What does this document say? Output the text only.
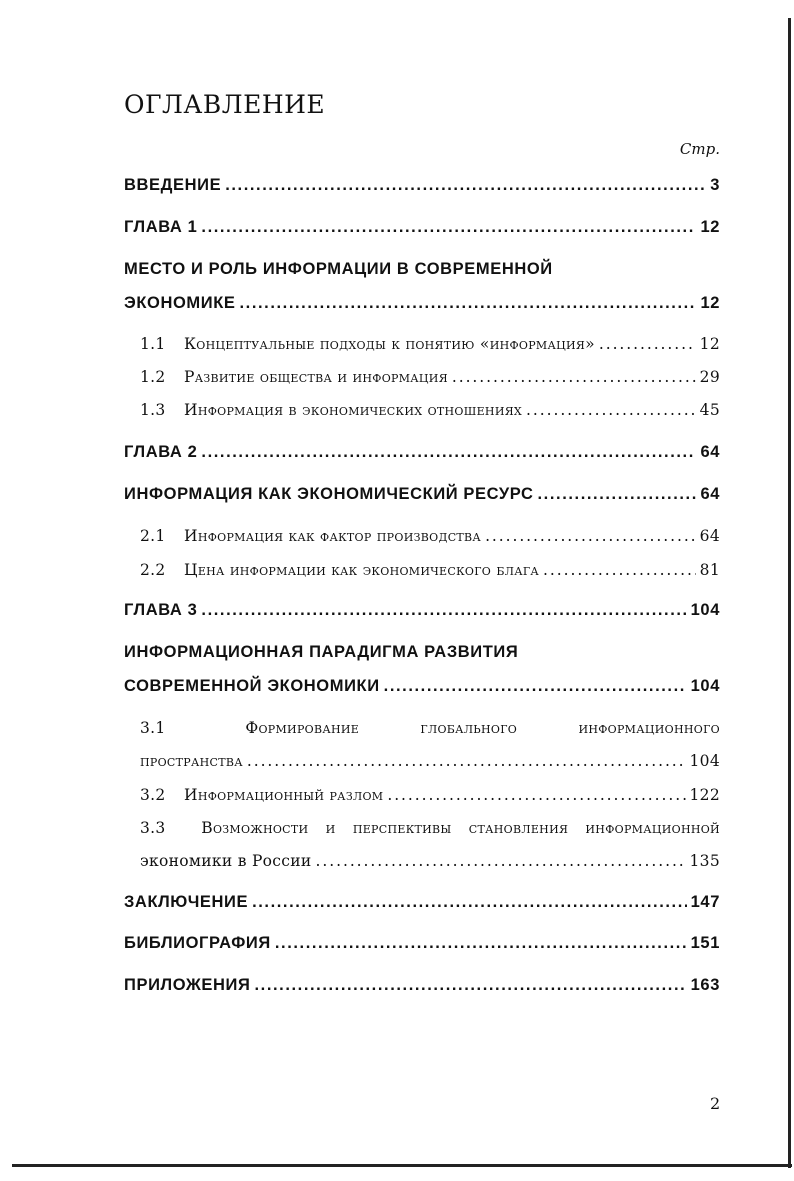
ОГЛАВЛЕНИЕ
Стр.
ВВЕДЕНИЕ . . .	3
ГЛАВА 1 . . .	12
МЕСТО И РОЛЬ ИНФОРМАЦИИ В СОВРЕМЕННОЙ
ЭКОНОМИКЕ . . .	12
1.1 Концептуальные подходы к понятию «информация» . . .	12
1.2 Развитие общества и информация . . .	29
1.3 Информация в экономических отношениях . . .	45
ГЛАВА 2 . . .	64
ИНФОРМАЦИЯ КАК ЭКОНОМИЧЕСКИЙ РЕСУРС . . .	64
2.1 Информация как фактор производства . . .	64
2.2 Цена информации как экономического блага . . .	81
ГЛАВА 3 . . .	104
ИНФОРМАЦИОННАЯ ПАРАДИГМА РАЗВИТИЯ
СОВРЕМЕННОЙ ЭКОНОМИКИ . . .	104
3.1	Формирование	глобального	информационного
пространства . . .	104
3.2 Информационный разлом . . .	122
3.3	Возможности и перспективы становления информационной
экономики в России . . .	135
ЗАКЛЮЧЕНИЕ . . .	147
БИБЛИОГРАФИЯ . . .	151
ПРИЛОЖЕНИЯ . . .	163
2
